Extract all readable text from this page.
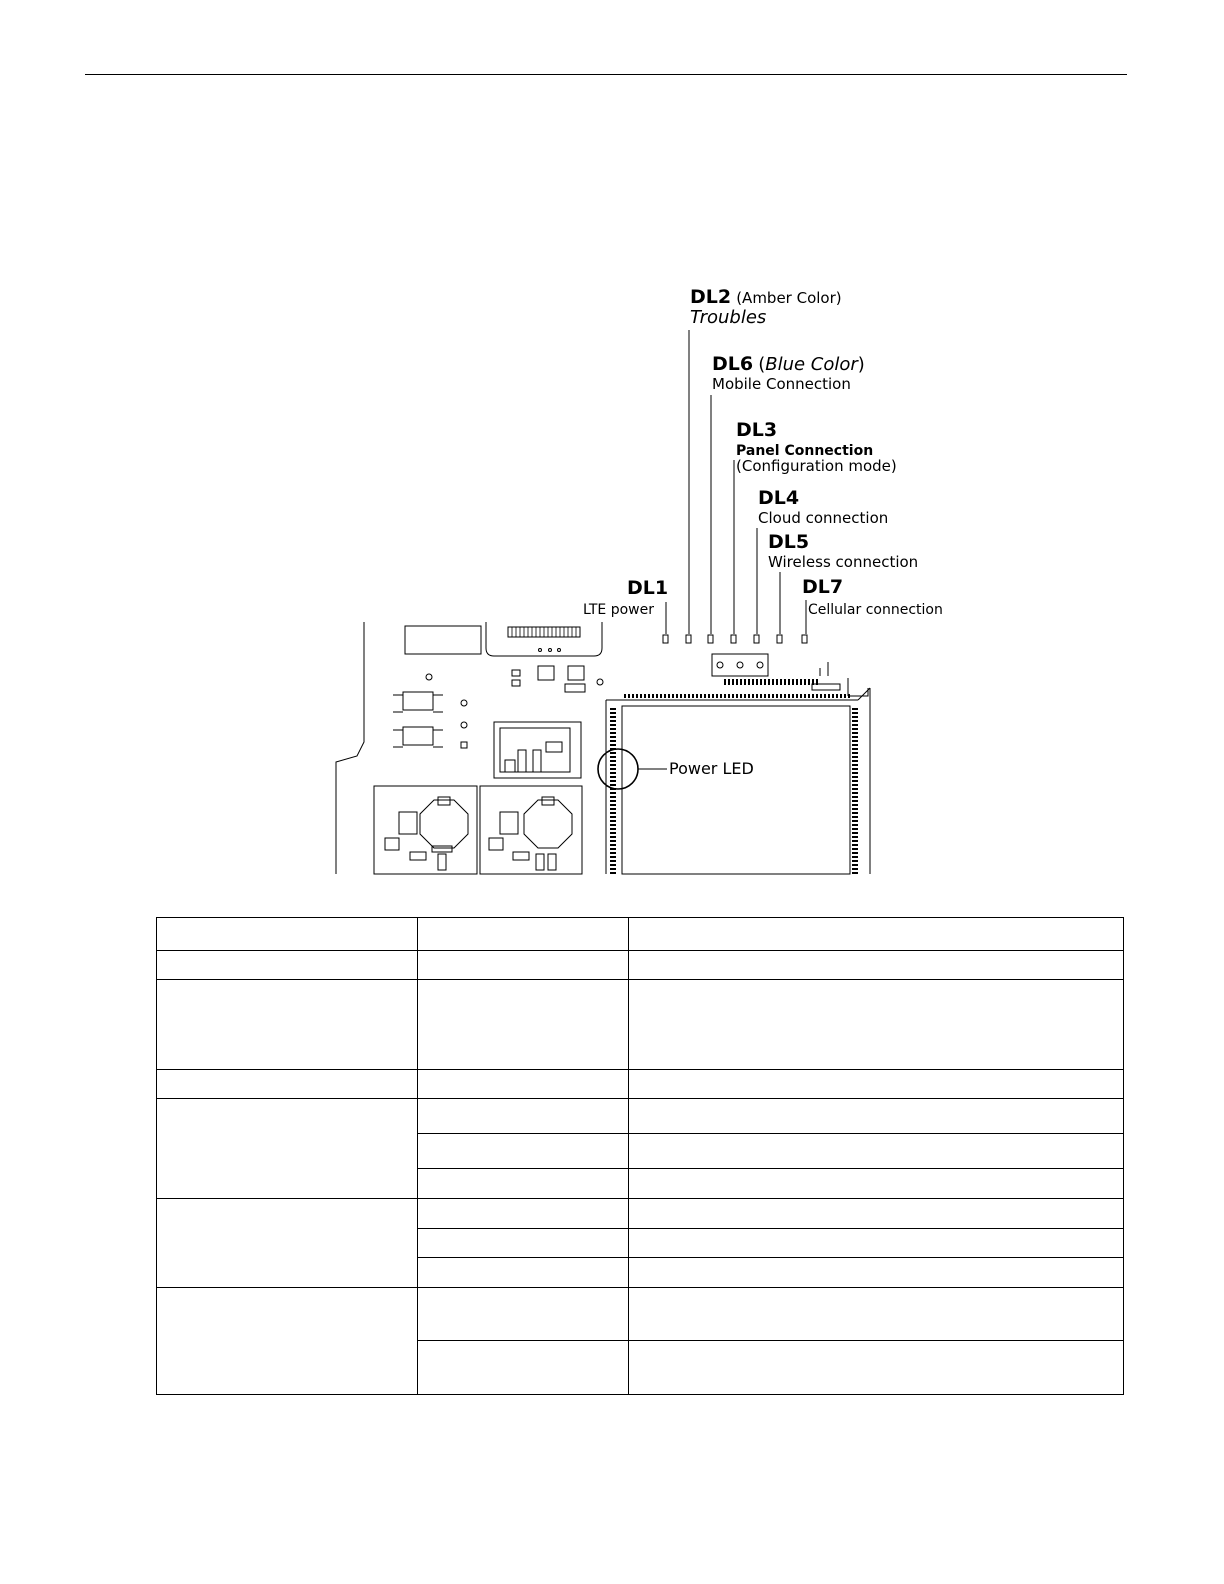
DL2 (Amber Color)
Troubles
DL6 (Blue Color)
Mobile Connection
DL3
Panel Connection
(Configuration mode)
DL4
Cloud connection
DL5
Wireless connection
DL1
LTE power
DL7
Cellular connection
Power LED
